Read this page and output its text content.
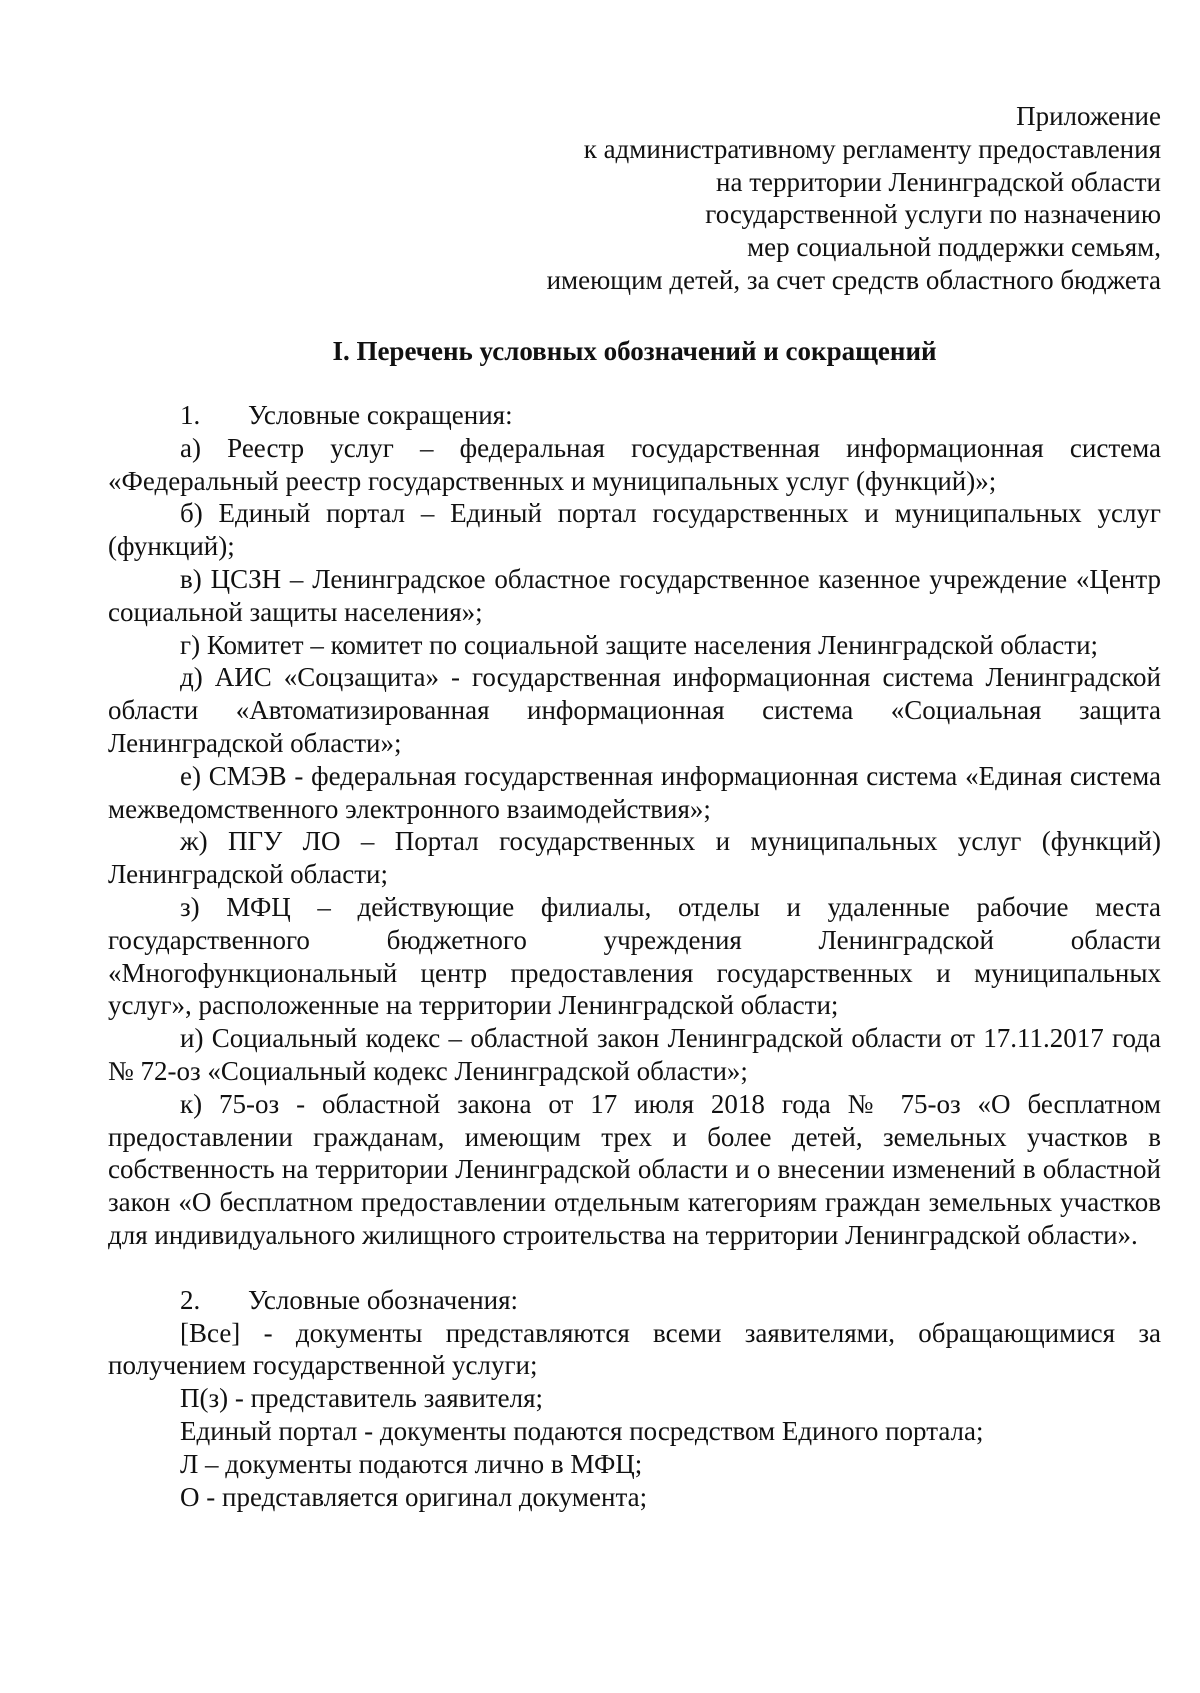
Приложение
к административному регламенту предоставления
на территории Ленинградской области
государственной услуги по назначению
мер социальной поддержки семьям,
имеющим детей, за счет средств областного бюджета
I. Перечень условных обозначений и сокращений

1. Условные сокращения:

а) Реестр услуг – федеральная государственная информационная система «Федеральный реестр государственных и муниципальных услуг (функций)»;

б) Единый портал – Единый портал государственных и муниципальных услуг (функций);

в) ЦСЗН – Ленинградское областное государственное казенное учреждение «Центр социальной защиты населения»;

г) Комитет – комитет по социальной защите населения Ленинградской области;

д) АИС «Соцзащита» - государственная информационная система Ленинградской области «Автоматизированная информационная система «Социальная защита Ленинградской области»;

е) СМЭВ - федеральная государственная информационная система «Единая система межведомственного электронного взаимодействия»;

ж) ПГУ ЛО – Портал государственных и муниципальных услуг (функций) Ленинградской области;

з) МФЦ – действующие филиалы, отделы и удаленные рабочие места государственного бюджетного учреждения Ленинградской области «Многофункциональный центр предоставления государственных и муниципальных услуг», расположенные на территории Ленинградской области;

и) Социальный кодекс – областной закон Ленинградской области от 17.11.2017 года № 72-оз «Социальный кодекс Ленинградской области»;

к) 75-оз - областной закона от 17 июля 2018 года № 75-оз «О бесплатном предоставлении гражданам, имеющим трех и более детей, земельных участков в собственность на территории Ленинградской области и о внесении изменений в областной закон «О бесплатном предоставлении отдельным категориям граждан земельных участков для индивидуального жилищного строительства на территории Ленинградской области».

2. Условные обозначения:

[Все] - документы представляются всеми заявителями, обращающимися за получением государственной услуги;

П(з) - представитель заявителя;

Единый портал - документы подаются посредством Единого портала;

Л – документы подаются лично в МФЦ;

О - представляется оригинал документа;
